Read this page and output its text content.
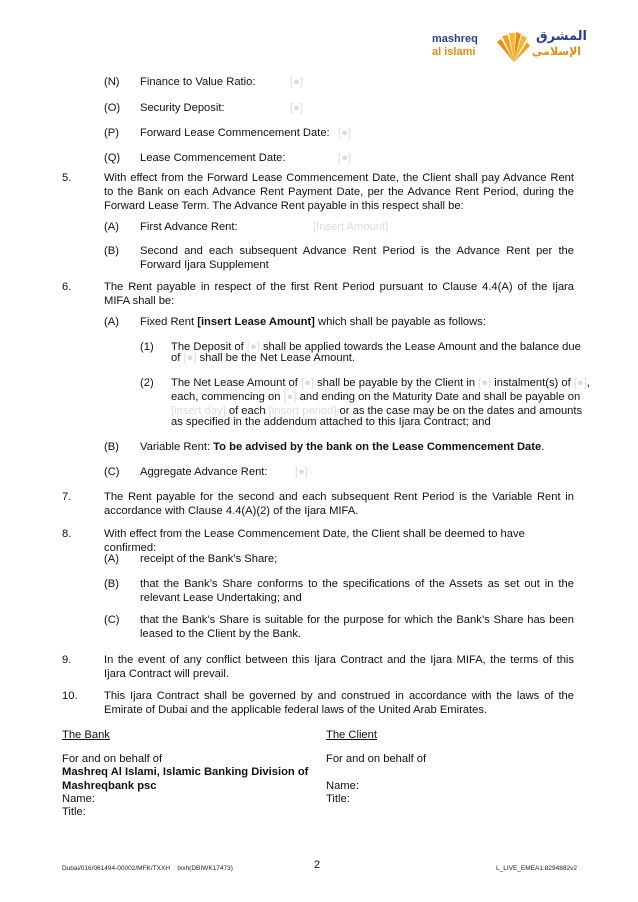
mashreq
al islami
المشرق
الإسلامي
(N) Finance to Value Ratio:	[●]
(O) Security Deposit:	[●]
(P) Forward Lease Commencement Date: [●]
(Q) Lease Commencement Date:	[●]
5.	With effect from the Forward Lease Commencement Date, the Client shall pay Advance Rent to the Bank on each Advance Rent Payment Date, per the Advance Rent Period, during the Forward Lease Term. The Advance Rent payable in this respect shall be:
(A) First Advance Rent:	[Insert Amount]
(B) Second and each subsequent Advance Rent Period is the Advance Rent per the Forward Ijara Supplement
6.	The Rent payable in respect of the first Rent Period pursuant to Clause 4.4(A) of the Ijara MIFA shall be:
(A) Fixed Rent [insert Lease Amount] which shall be payable as follows:
(1) The Deposit of [●] shall be applied towards the Lease Amount and the balance due
of [●] shall be the Net Lease Amount.
(2) The Net Lease Amount of [●] shall be payable by the Client in [●] instalment(s) of [●],
each, commencing on [●] and ending on the Maturity Date and shall be payable on
[insert day] of each [insert period] or as the case may be on the dates and amounts
as specified in the addendum attached to this Ijara Contract; and
(B) Variable Rent: To be advised by the bank on the Lease Commencement Date.
(C) Aggregate Advance Rent: [●]
7.	The Rent payable for the second and each subsequent Rent Period is the Variable Rent in accordance with Clause 4.4(A)(2) of the Ijara MIFA.
8.	With effect from the Lease Commencement Date, the Client shall be deemed to have confirmed:
(A) receipt of the Bank’s Share;
(B) that the Bank’s Share conforms to the specifications of the Assets as set out in the relevant Lease Undertaking; and
(C) that the Bank’s Share is suitable for the purpose for which the Bank’s Share has been leased to the Client by the Bank.
9.	In the event of any conflict between this Ijara Contract and the Ijara MIFA, the terms of this Ijara Contract will prevail.
10. This Ijara Contract shall be governed by and construed in accordance with the laws of the Emirate of Dubai and the applicable federal laws of the United Arab Emirates.
The Bank
For and on behalf of
Mashreq Al Islami, Islamic Banking Division of
Mashreqbank psc
Name:
Title:
The Client
For and on behalf of
Name:
Title:
Dubai/016/061494-00002/MFK/TXXH    txxh(DBIWK17473)	2	L_LIVE_EMEA1:8294882v2
